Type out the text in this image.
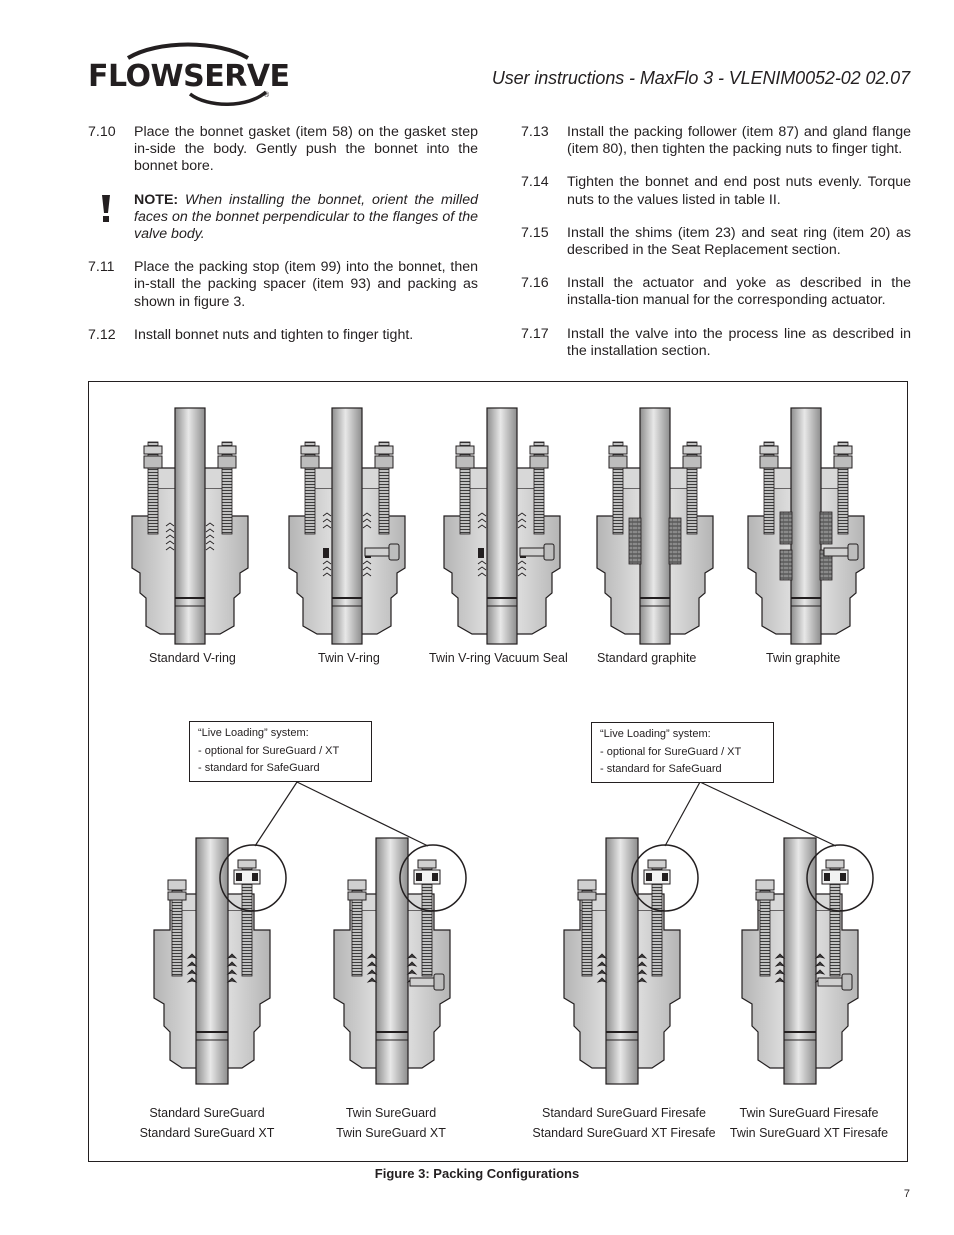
FLOWSERVE
®
User instructions - MaxFlo 3 - VLENIM0052-02 02.07
7.10 Place the bonnet gasket (item 58) on the gasket step in-side the body. Gently push the bonnet into the bonnet bore.
NOTE: When installing the bonnet, orient the milled faces on the bonnet perpendicular to the flanges of the valve body.
7.11 Place the packing stop (item 99) into the bonnet, then in-stall the packing spacer (item 93) and packing as shown in figure 3.
7.12 Install bonnet nuts and tighten to finger tight.
7.13 Install the packing follower (item 87) and gland flange (item 80), then tighten the packing nuts to finger tight.
7.14 Tighten the bonnet and end post nuts evenly. Torque nuts to the values listed in table II.
7.15 Install the shims (item 23) and seat ring (item 20) as described in the Seat Replacement section.
7.16 Install the actuator and yoke as described in the installa-tion manual for the corresponding actuator.
7.17 Install the valve into the process line as described in the installation section.
Standard V-ring	Twin V-ring	Twin V-ring Vacuum Seal Standard graphite	Twin graphite
“Live Loading” system:
- optional for SureGuard / XT
- standard for SafeGuard
“Live Loading” system:
- optional for SureGuard / XT
- standard for SafeGuard
Standard SureGuard
Standard SureGuard XT
Twin SureGuard
Twin SureGuard XT
Standard SureGuard Firesafe
Standard SureGuard XT Firesafe
Twin SureGuard Firesafe
Twin SureGuard XT Firesafe
Figure 3: Packing Configurations
7
